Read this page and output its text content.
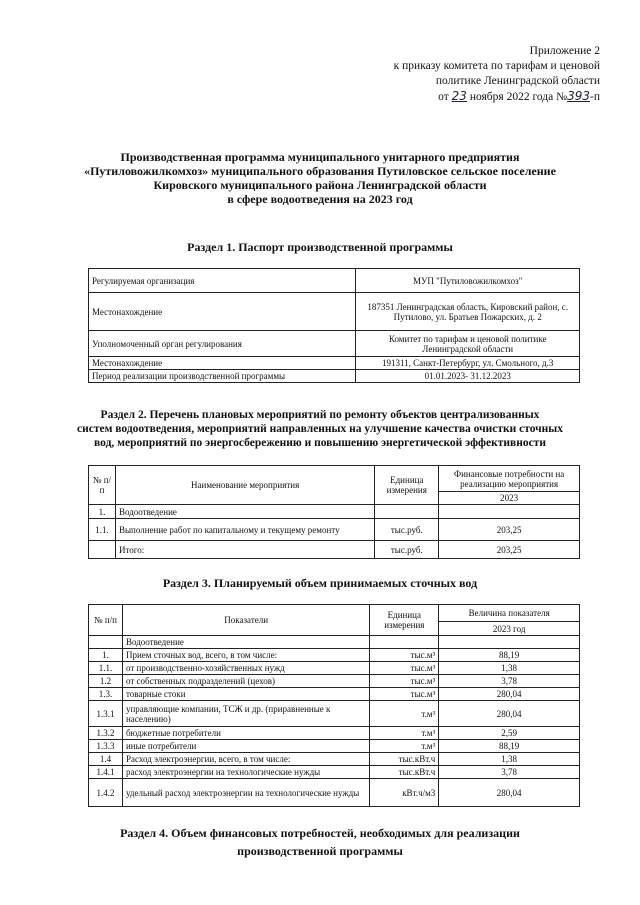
Приложение 2
к приказу комитета по тарифам и ценовой
политике Ленинградской области
от 23 ноября 2022 года №393-п
Производственная программа муниципального унитарного предприятия
«Путиловожилкомхоз» муниципального образования Путиловское сельское поселение
Кировского муниципального района Ленинградской области
в сфере водоотведения на 2023 год
Раздел 1. Паспорт производственной программы
Регулируемая организация	МУП "Путиловожилкомхоз"
Местонахождение	187351 Ленинградская область, Кировский район, с. Путилово, ул. Братьев Пожарских, д. 2
Уполномоченный орган регулирования	Комитет по тарифам и ценовой политике Ленинградской области
Местонахождение	191311, Санкт-Петербург, ул. Смольного, д.3
Период реализации производственной программы	01.01.2023- 31.12.2023
Раздел 2. Перечень плановых мероприятий по ремонту объектов централизованных
систем водоотведения, мероприятий направленных на улучшение качества очистки сточных
вод, мероприятий по энергосбережению и повышению энергетической эффективности
№ п/п	Наименование мероприятия	Единица измерения	Финансовые потребности на реализацию мероприятия
			2023
1.	Водоотведение		
1.1.	Выполнение работ по капитальному и текущему ремонту	тыс.руб.	203,25
	Итого:	тыс.руб.	203,25
Раздел 3. Планируемый объем принимаемых сточных вод
№ п/п	Показатели	Единица измерения	Величина показателя
			2023 год
	Водоотведение		
1.	Прием сточных вод, всего, в том числе:	тыс.м³	88,19
1.1.	от производственно-хозяйственных нужд	тыс.м³	1,38
1.2	от собственных подразделений (цехов)	тыс.м³	3,78
1.3.	товарные стоки	тыс.м³	280,04
1.3.1	управляющие компании, ТСЖ и др. (приравненные к населению)	т.м³	280,04
1.3.2	бюджетные потребители	т.м³	2,59
1.3.3	иные потребители	т.м³	88,19
1.4	Расход электроэнергии, всего, в том числе:	тыс.кВт.ч	1,38
1.4.1	расход электроэнергии на технологические нужды	тыс.кВт.ч	3,78
1.4.2	удельный расход электроэнергии на технологические нужды	кВт.ч/м3	280,04
Раздел 4. Объем финансовых потребностей, необходимых для реализации
производственной программы
